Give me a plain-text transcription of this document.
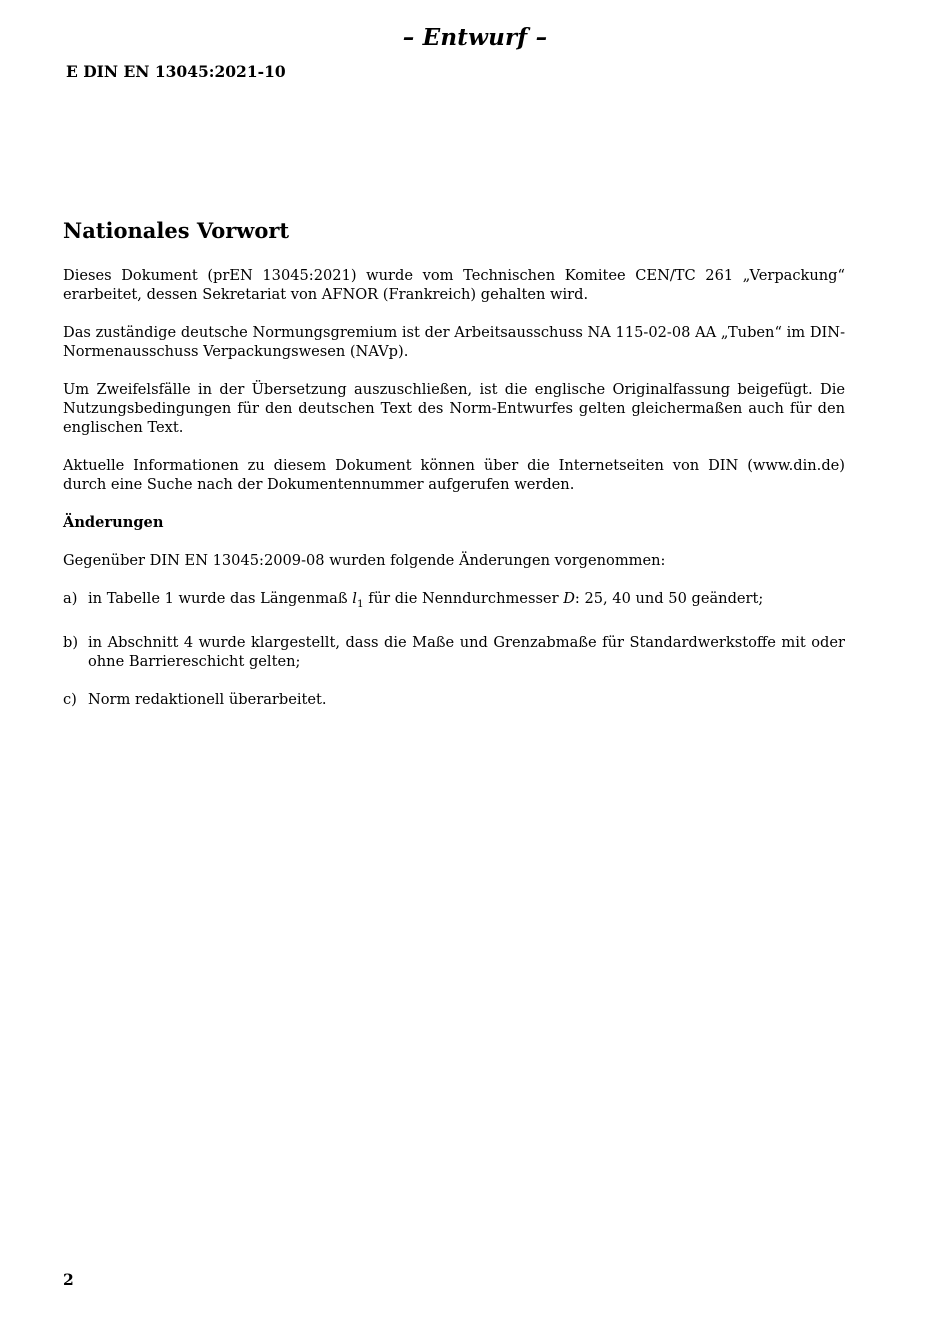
– Entwurf –
E DIN EN 13045:2021-10
Nationales Vorwort

Dieses Dokument (prEN 13045:2021) wurde vom Technischen Komitee CEN/TC 261 „Verpackung“ erarbeitet, dessen Sekretariat von AFNOR (Frankreich) gehalten wird.

Das zuständige deutsche Normungsgremium ist der Arbeitsausschuss NA 115-02-08 AA „Tuben“ im DIN-Normenausschuss Verpackungswesen (NAVp).

Um Zweifelsfälle in der Übersetzung auszuschließen, ist die englische Originalfassung beigefügt. Die Nutzungsbedingungen für den deutschen Text des Norm-Entwurfes gelten gleichermaßen auch für den englischen Text.

Aktuelle Informationen zu diesem Dokument können über die Internetseiten von DIN (www.din.de) durch eine Suche nach der Dokumentennummer aufgerufen werden.

Änderungen

Gegenüber DIN EN 13045:2009-08 wurden folgende Änderungen vorgenommen:

a) in Tabelle 1 wurde das Längenmaß $l_1$ für die Nenndurchmesser D: 25, 40 und 50 geändert;
b) in Abschnitt 4 wurde klargestellt, dass die Maße und Grenzabmaße für Standardwerkstoffe mit oder ohne Barriereschicht gelten;
c) Norm redaktionell überarbeitet.
2
